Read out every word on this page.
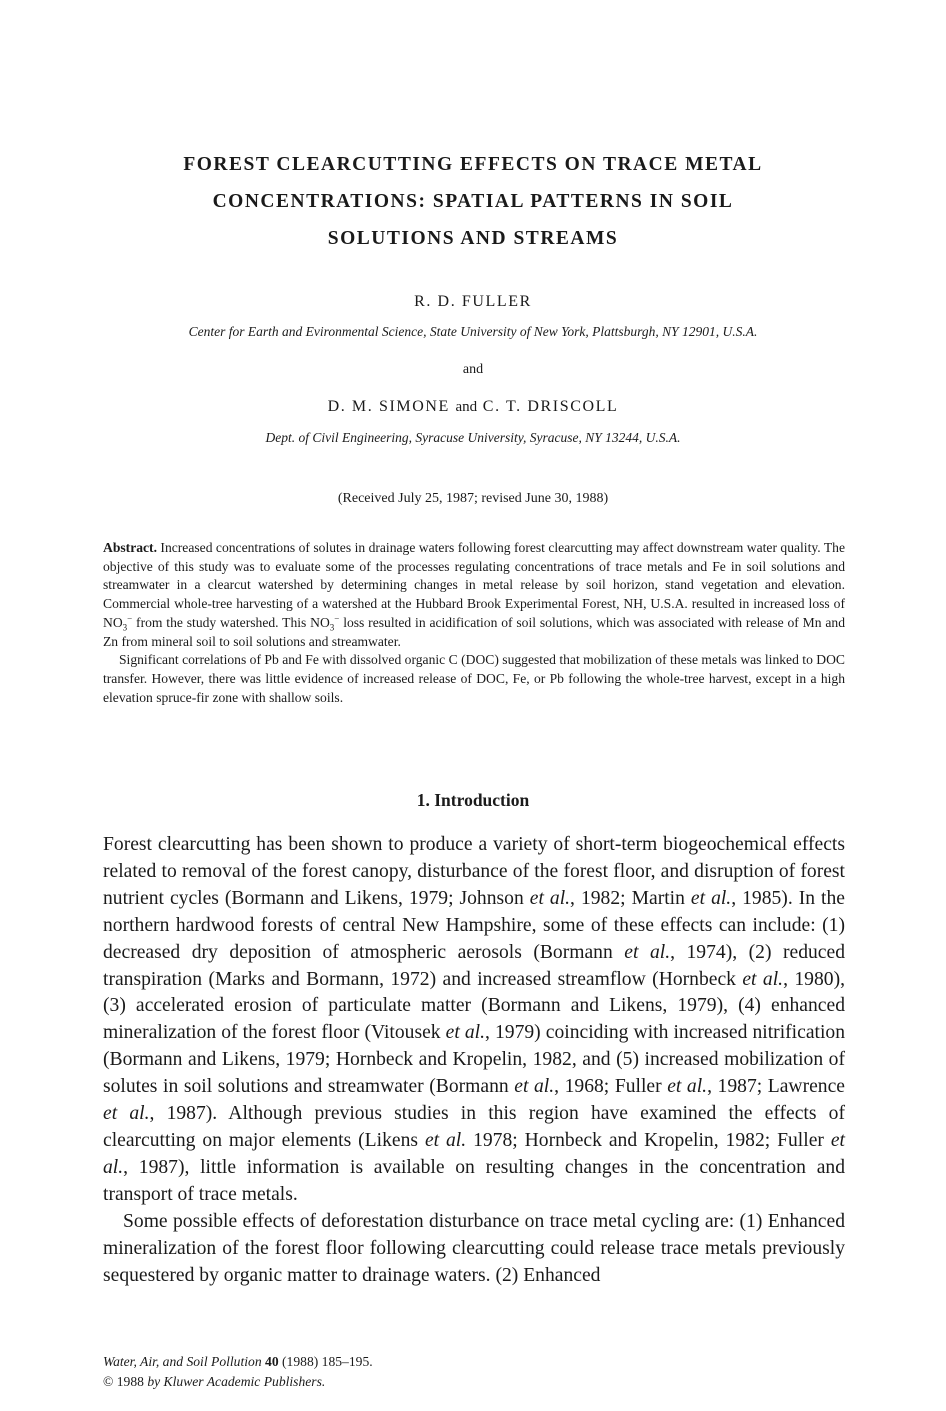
FOREST CLEARCUTTING EFFECTS ON TRACE METAL
CONCENTRATIONS: SPATIAL PATTERNS IN SOIL
SOLUTIONS AND STREAMS
R. D. FULLER
Center for Earth and Evironmental Science, State University of New York, Plattsburgh, NY 12901, U.S.A.
and
D. M. SIMONE and C. T. DRISCOLL
Dept. of Civil Engineering, Syracuse University, Syracuse, NY 13244, U.S.A.
(Received July 25, 1987; revised June 30, 1988)

Abstract. Increased concentrations of solutes in drainage waters following forest clearcutting may affect downstream water quality. The objective of this study was to evaluate some of the processes regulating concentrations of trace metals and Fe in soil solutions and streamwater in a clearcut watershed by determining changes in metal release by soil horizon, stand vegetation and elevation. Commercial whole-tree harvesting of a watershed at the Hubbard Brook Experimental Forest, NH, U.S.A. resulted in increased loss of $NO_3^-$ from the study watershed. This $NO_3^-$ loss resulted in acidification of soil solutions, which was associated with release of Mn and Zn from mineral soil to soil solutions and streamwater.

Significant correlations of Pb and Fe with dissolved organic C (DOC) suggested that mobilization of these metals was linked to DOC transfer. However, there was little evidence of increased release of DOC, Fe, or Pb following the whole-tree harvest, except in a high elevation spruce-fir zone with shallow soils.

1. Introduction

Forest clearcutting has been shown to produce a variety of short-term biogeochemical effects related to removal of the forest canopy, disturbance of the forest floor, and disruption of forest nutrient cycles (Bormann and Likens, 1979; Johnson et al., 1982; Martin et al., 1985). In the northern hardwood forests of central New Hampshire, some of these effects can include: (1) decreased dry deposition of atmospheric aerosols (Bormann et al., 1974), (2) reduced transpiration (Marks and Bormann, 1972) and increased streamflow (Hornbeck et al., 1980), (3) accelerated erosion of particulate matter (Bormann and Likens, 1979), (4) enhanced mineralization of the forest floor (Vitousek et al., 1979) coinciding with increased nitrification (Bormann and Likens, 1979; Hornbeck and Kropelin, 1982, and (5) increased mobilization of solutes in soil solutions and streamwater (Bormann et al., 1968; Fuller et al., 1987; Lawrence et al., 1987). Although previous studies in this region have examined the effects of clearcutting on major elements (Likens et al. 1978; Hornbeck and Kropelin, 1982; Fuller et al., 1987), little information is available on resulting changes in the concentration and transport of trace metals.

Some possible effects of deforestation disturbance on trace metal cycling are: (1) Enhanced mineralization of the forest floor following clearcutting could release trace metals previously sequestered by organic matter to drainage waters. (2) Enhanced

Water, Air, and Soil Pollution 40 (1988) 185–195.
© 1988 by Kluwer Academic Publishers.
